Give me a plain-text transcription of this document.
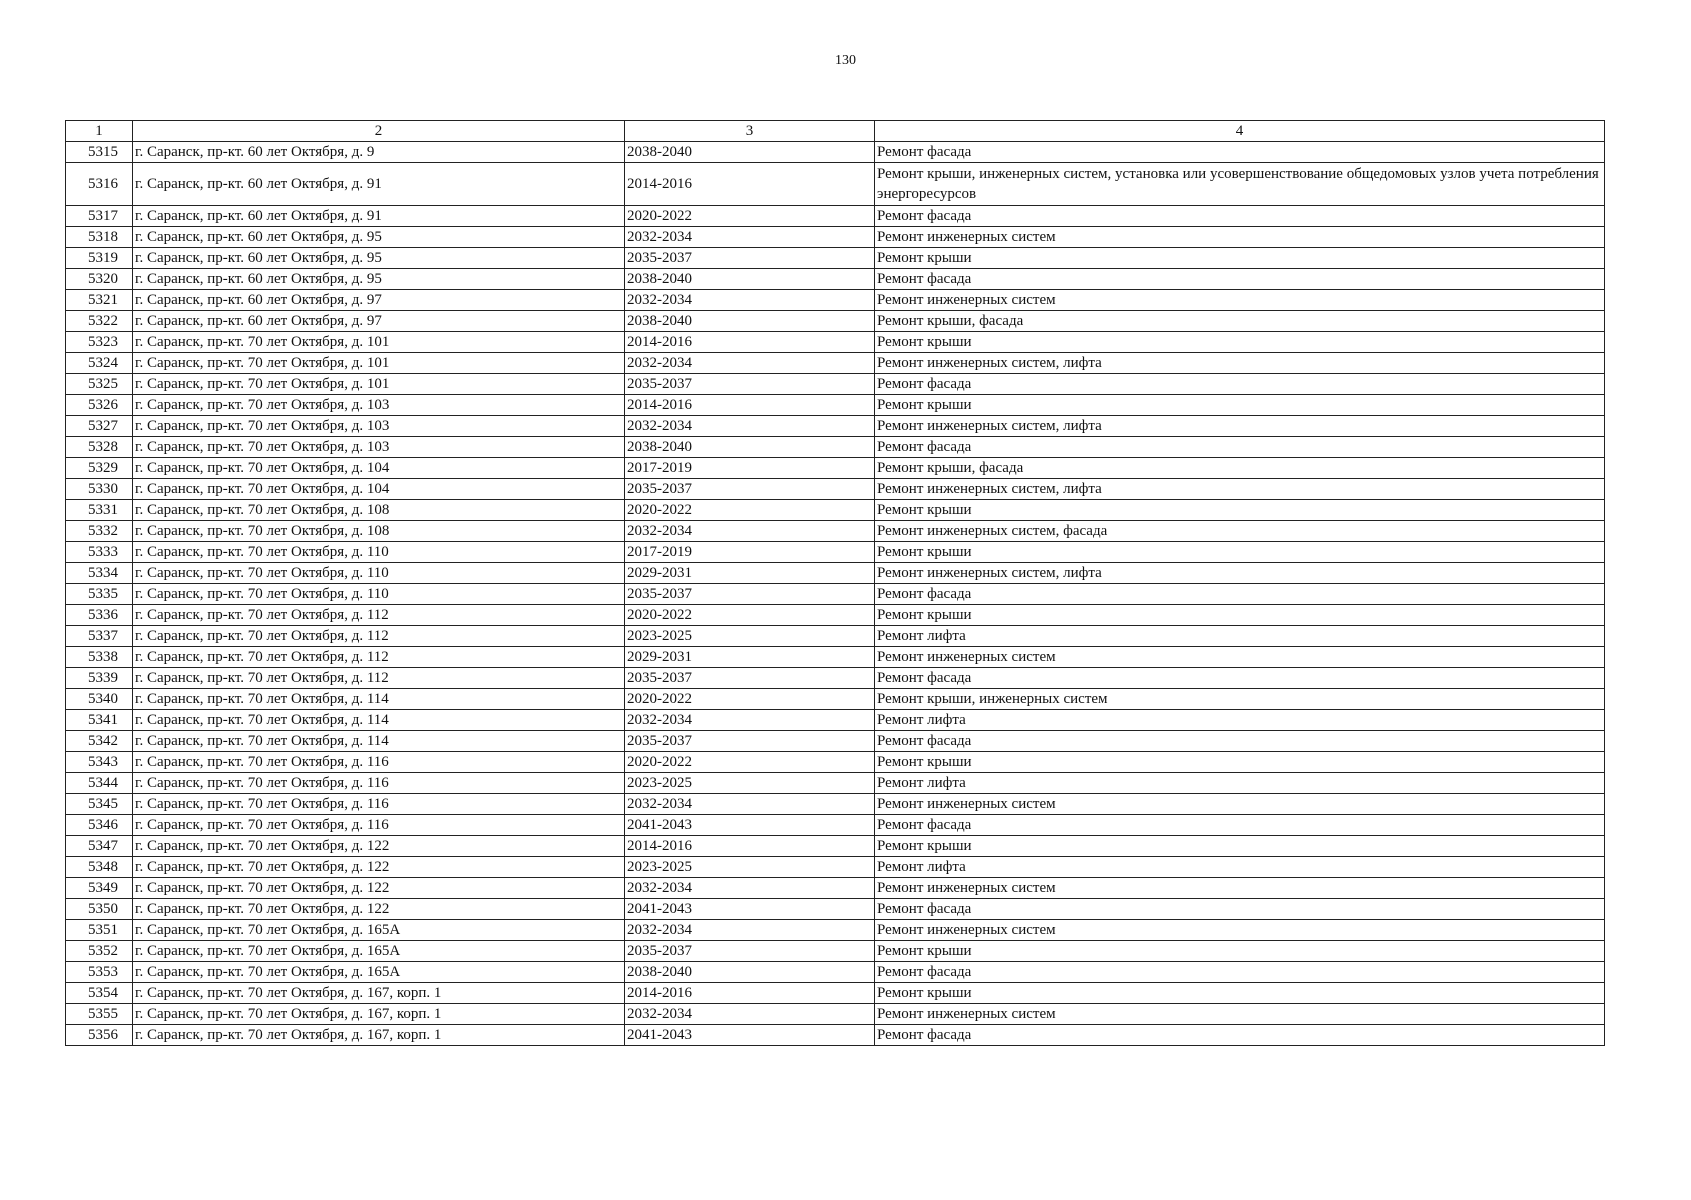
130
1	2	3	4
5315	г. Саранск, пр-кт. 60 лет Октября, д. 9	2038-2040	Ремонт фасада
5316	г. Саранск, пр-кт. 60 лет Октября, д. 91	2014-2016	Ремонт крыши, инженерных систем, установка или усовершенствование общедомовых узлов учета потребления энергоресурсов
5317	г. Саранск, пр-кт. 60 лет Октября, д. 91	2020-2022	Ремонт фасада
5318	г. Саранск, пр-кт. 60 лет Октября, д. 95	2032-2034	Ремонт инженерных систем
5319	г. Саранск, пр-кт. 60 лет Октября, д. 95	2035-2037	Ремонт крыши
5320	г. Саранск, пр-кт. 60 лет Октября, д. 95	2038-2040	Ремонт фасада
5321	г. Саранск, пр-кт. 60 лет Октября, д. 97	2032-2034	Ремонт инженерных систем
5322	г. Саранск, пр-кт. 60 лет Октября, д. 97	2038-2040	Ремонт крыши, фасада
5323	г. Саранск, пр-кт. 70 лет Октября, д. 101	2014-2016	Ремонт крыши
5324	г. Саранск, пр-кт. 70 лет Октября, д. 101	2032-2034	Ремонт инженерных систем, лифта
5325	г. Саранск, пр-кт. 70 лет Октября, д. 101	2035-2037	Ремонт фасада
5326	г. Саранск, пр-кт. 70 лет Октября, д. 103	2014-2016	Ремонт крыши
5327	г. Саранск, пр-кт. 70 лет Октября, д. 103	2032-2034	Ремонт инженерных систем, лифта
5328	г. Саранск, пр-кт. 70 лет Октября, д. 103	2038-2040	Ремонт фасада
5329	г. Саранск, пр-кт. 70 лет Октября, д. 104	2017-2019	Ремонт крыши, фасада
5330	г. Саранск, пр-кт. 70 лет Октября, д. 104	2035-2037	Ремонт инженерных систем, лифта
5331	г. Саранск, пр-кт. 70 лет Октября, д. 108	2020-2022	Ремонт крыши
5332	г. Саранск, пр-кт. 70 лет Октября, д. 108	2032-2034	Ремонт инженерных систем, фасада
5333	г. Саранск, пр-кт. 70 лет Октября, д. 110	2017-2019	Ремонт крыши
5334	г. Саранск, пр-кт. 70 лет Октября, д. 110	2029-2031	Ремонт инженерных систем, лифта
5335	г. Саранск, пр-кт. 70 лет Октября, д. 110	2035-2037	Ремонт фасада
5336	г. Саранск, пр-кт. 70 лет Октября, д. 112	2020-2022	Ремонт крыши
5337	г. Саранск, пр-кт. 70 лет Октября, д. 112	2023-2025	Ремонт лифта
5338	г. Саранск, пр-кт. 70 лет Октября, д. 112	2029-2031	Ремонт инженерных систем
5339	г. Саранск, пр-кт. 70 лет Октября, д. 112	2035-2037	Ремонт фасада
5340	г. Саранск, пр-кт. 70 лет Октября, д. 114	2020-2022	Ремонт крыши, инженерных систем
5341	г. Саранск, пр-кт. 70 лет Октября, д. 114	2032-2034	Ремонт лифта
5342	г. Саранск, пр-кт. 70 лет Октября, д. 114	2035-2037	Ремонт фасада
5343	г. Саранск, пр-кт. 70 лет Октября, д. 116	2020-2022	Ремонт крыши
5344	г. Саранск, пр-кт. 70 лет Октября, д. 116	2023-2025	Ремонт лифта
5345	г. Саранск, пр-кт. 70 лет Октября, д. 116	2032-2034	Ремонт инженерных систем
5346	г. Саранск, пр-кт. 70 лет Октября, д. 116	2041-2043	Ремонт фасада
5347	г. Саранск, пр-кт. 70 лет Октября, д. 122	2014-2016	Ремонт крыши
5348	г. Саранск, пр-кт. 70 лет Октября, д. 122	2023-2025	Ремонт лифта
5349	г. Саранск, пр-кт. 70 лет Октября, д. 122	2032-2034	Ремонт инженерных систем
5350	г. Саранск, пр-кт. 70 лет Октября, д. 122	2041-2043	Ремонт фасада
5351	г. Саранск, пр-кт. 70 лет Октября, д. 165А	2032-2034	Ремонт инженерных систем
5352	г. Саранск, пр-кт. 70 лет Октября, д. 165А	2035-2037	Ремонт крыши
5353	г. Саранск, пр-кт. 70 лет Октября, д. 165А	2038-2040	Ремонт фасада
5354	г. Саранск, пр-кт. 70 лет Октября, д. 167, корп. 1	2014-2016	Ремонт крыши
5355	г. Саранск, пр-кт. 70 лет Октября, д. 167, корп. 1	2032-2034	Ремонт инженерных систем
5356	г. Саранск, пр-кт. 70 лет Октября, д. 167, корп. 1	2041-2043	Ремонт фасада
